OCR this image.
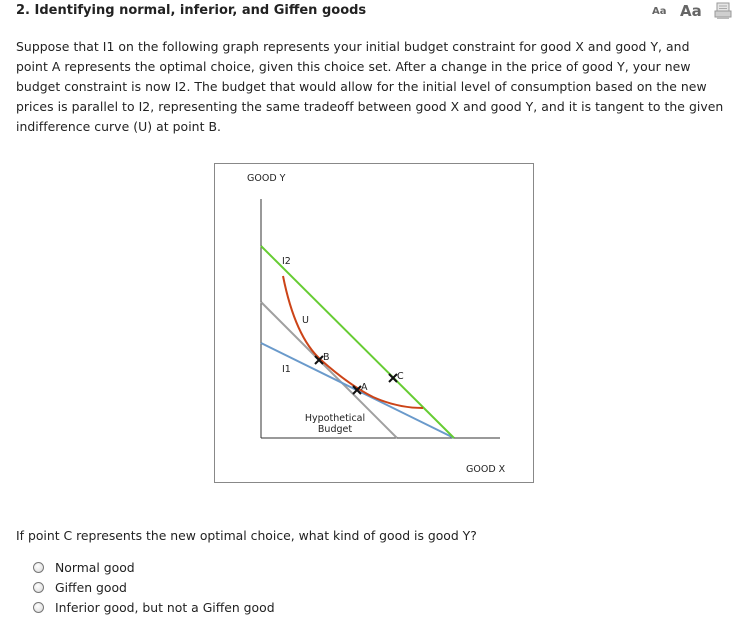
2. Identifying normal, inferior, and Giffen goods	Aa Aa

Suppose that I1 on the following graph represents your initial budget constraint for good X and good Y, and point A represents the optimal choice, given this choice set. After a change in the price of good Y, your new budget constraint is now I2. The budget that would allow for the initial level of consumption based on the new prices is parallel to I2, representing the same tradeoff between good X and good Y, and it is tangent to the given indifference curve (U) at point B.

GOOD Y
GOOD X
I2
U
I1
Hypothetical
Budget
B
A
C

If point C represents the new optimal choice, what kind of good is good Y?

Normal good
Giffen good
Inferior good, but not a Giffen good
